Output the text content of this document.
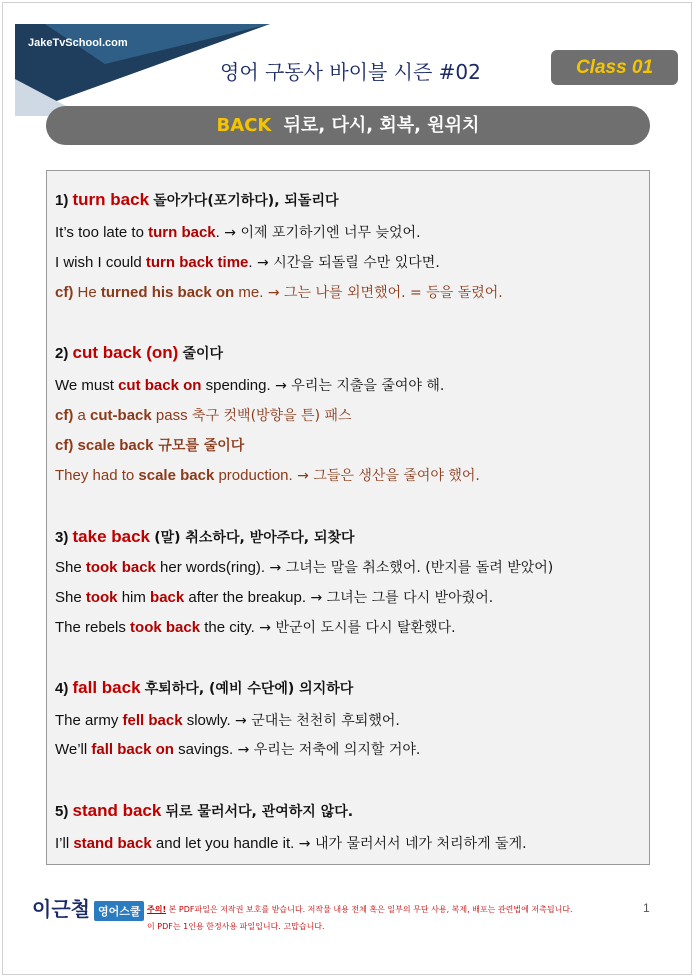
JakeTvSchool.com
영어 구동사 바이블 시즌 #02	Class 01
BACK 뒤로, 다시, 회복, 원위치
1) turn back 돌아가다(포기하다), 되돌리다
It’s too late to turn back. → 이제 포기하기엔 너무 늦었어.
I wish I could turn back time. → 시간을 되돌릴 수만 있다면.
cf) He turned his back on me. → 그는 나를 외면했어. = 등을 돌렸어.
2) cut back (on) 줄이다
We must cut back on spending. → 우리는 지출을 줄여야 해.
cf) a cut-back pass 축구 컷백(방향을 튼) 패스
cf) scale back 규모를 줄이다
They had to scale back production. → 그들은 생산을 줄여야 했어.
3) take back (말) 취소하다, 받아주다, 되찾다
She took back her words(ring). → 그녀는 말을 취소했어. (반지를 돌려 받았어)
She took him back after the breakup. → 그녀는 그를 다시 받아줬어.
The rebels took back the city. → 반군이 도시를 다시 탈환했다.
4) fall back 후퇴하다, (예비 수단에) 의지하다
The army fell back slowly. → 군대는 천천히 후퇴했어.
We’ll fall back on savings. → 우리는 저축에 의지할 거야.
5) stand back 뒤로 물러서다, 관여하지 않다.
I’ll stand back and let you handle it. → 내가 물러서서 네가 처리하게 둘게.
이근철 영어스쿨 주의! 본 PDF파일은 저작권 보호를 받습니다. 저작물 내용 전체 혹은 일부의 무단 사용, 복제, 배포는 관련법에 저촉됩니다.
이 PDF는 1인용 한정사용 파일입니다. 고맙습니다.
1
